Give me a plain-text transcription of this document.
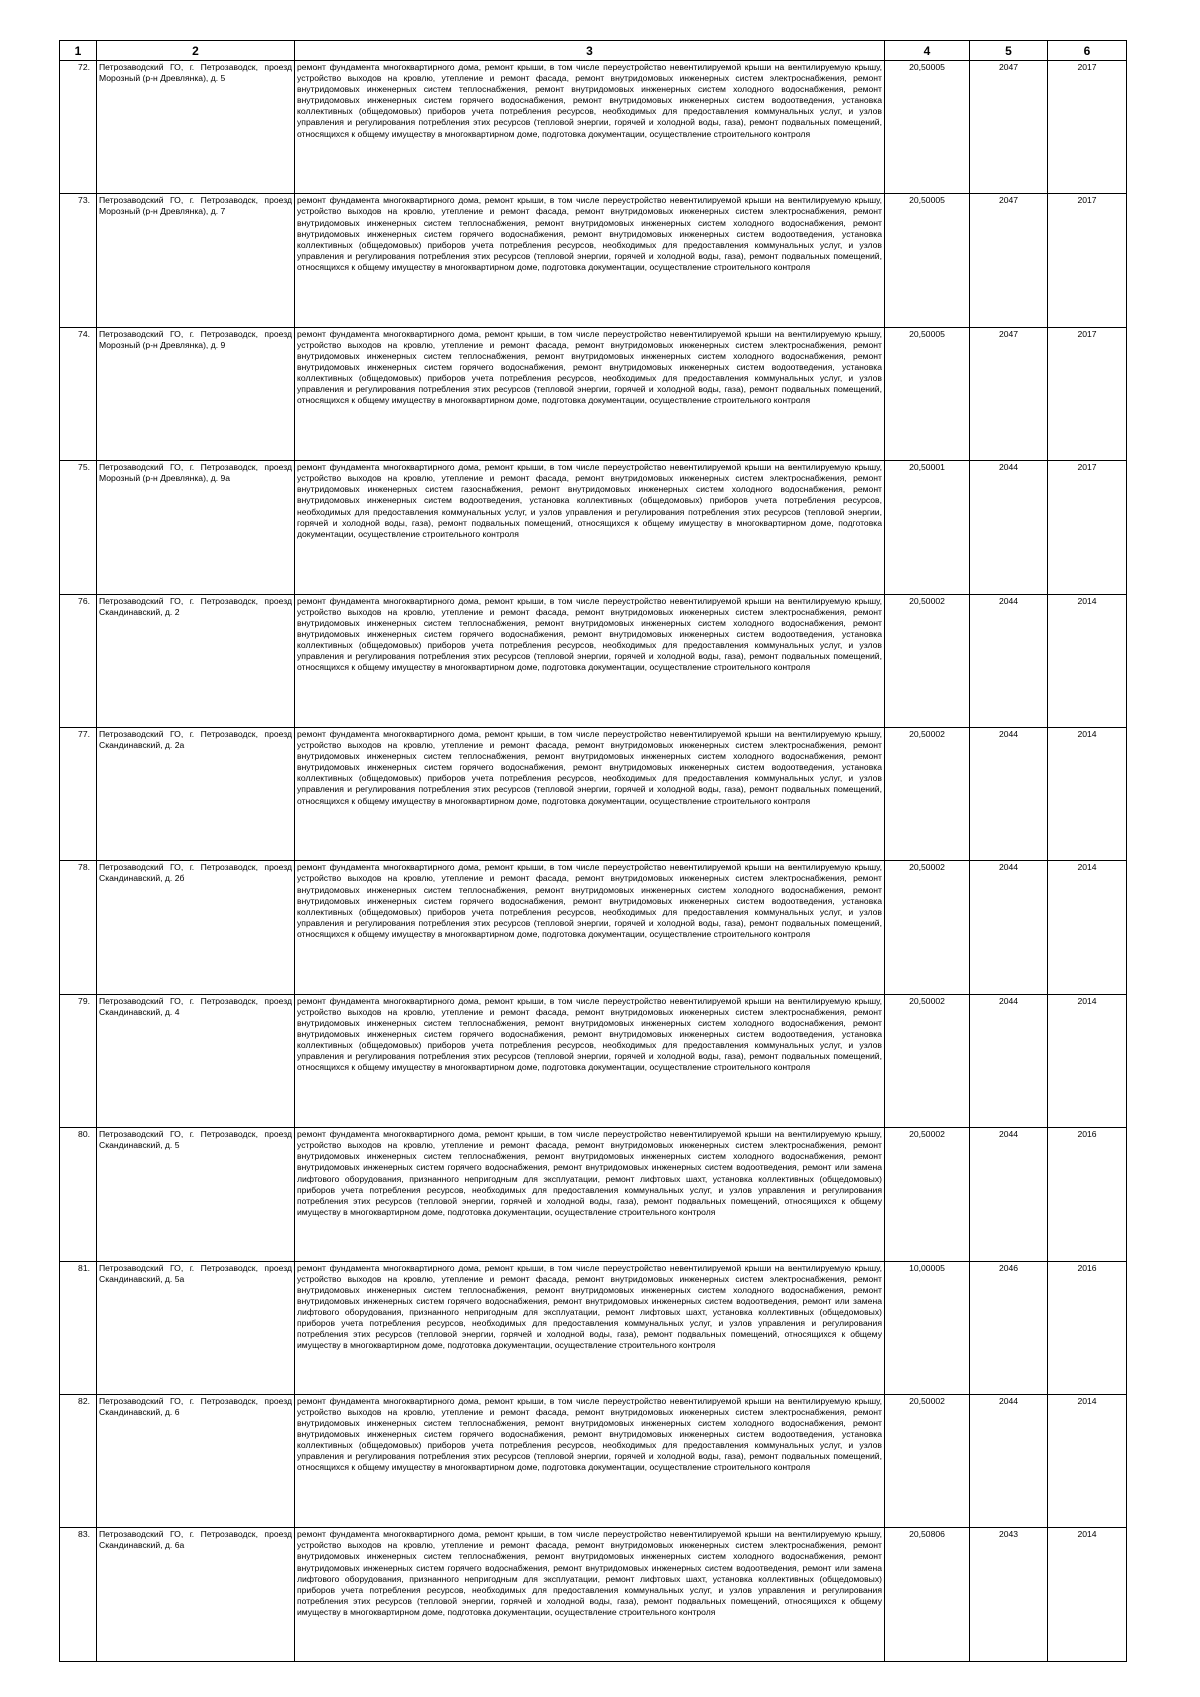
1	2	3	4	5	6
72.	Петрозаводский ГО, г. Петрозаводск, проезд Морозный (р-н Древлянка), д. 5	ремонт фундамента многоквартирного дома, ремонт крыши, в том числе переустройство невентилируемой крыши на вентилируемую крышу, устройство выходов на кровлю, утепление и ремонт фасада, ремонт внутридомовых инженерных систем электроснабжения, ремонт внутридомовых инженерных систем теплоснабжения, ремонт внутридомовых инженерных систем холодного водоснабжения, ремонт внутридомовых инженерных систем горячего водоснабжения, ремонт внутридомовых инженерных систем водоотведения, установка коллективных (общедомовых) приборов учета потребления ресурсов, необходимых для предоставления коммунальных услуг, и узлов управления и регулирования потребления этих ресурсов (тепловой энергии, горячей и холодной воды, газа), ремонт подвальных помещений, относящихся к общему имуществу в многоквартирном доме, подготовка документации, осуществление строительного контроля	20,50005	2047	2017
73.	Петрозаводский ГО, г. Петрозаводск, проезд Морозный (р-н Древлянка), д. 7	ремонт фундамента многоквартирного дома, ремонт крыши, в том числе переустройство невентилируемой крыши на вентилируемую крышу, устройство выходов на кровлю, утепление и ремонт фасада, ремонт внутридомовых инженерных систем электроснабжения, ремонт внутридомовых инженерных систем теплоснабжения, ремонт внутридомовых инженерных систем холодного водоснабжения, ремонт внутридомовых инженерных систем горячего водоснабжения, ремонт внутридомовых инженерных систем водоотведения, установка коллективных (общедомовых) приборов учета потребления ресурсов, необходимых для предоставления коммунальных услуг, и узлов управления и регулирования потребления этих ресурсов (тепловой энергии, горячей и холодной воды, газа), ремонт подвальных помещений, относящихся к общему имуществу в многоквартирном доме, подготовка документации, осуществление строительного контроля	20,50005	2047	2017
74.	Петрозаводский ГО, г. Петрозаводск, проезд Морозный (р-н Древлянка), д. 9	ремонт фундамента многоквартирного дома, ремонт крыши, в том числе переустройство невентилируемой крыши на вентилируемую крышу, устройство выходов на кровлю, утепление и ремонт фасада, ремонт внутридомовых инженерных систем электроснабжения, ремонт внутридомовых инженерных систем теплоснабжения, ремонт внутридомовых инженерных систем холодного водоснабжения, ремонт внутридомовых инженерных систем горячего водоснабжения, ремонт внутридомовых инженерных систем водоотведения, установка коллективных (общедомовых) приборов учета потребления ресурсов, необходимых для предоставления коммунальных услуг, и узлов управления и регулирования потребления этих ресурсов (тепловой энергии, горячей и холодной воды, газа), ремонт подвальных помещений, относящихся к общему имуществу в многоквартирном доме, подготовка документации, осуществление строительного контроля	20,50005	2047	2017
75.	Петрозаводский ГО, г. Петрозаводск, проезд Морозный (р-н Древлянка), д. 9а	ремонт фундамента многоквартирного дома, ремонт крыши, в том числе переустройство невентилируемой крыши на вентилируемую крышу, устройство выходов на кровлю, утепление и ремонт фасада, ремонт внутридомовых инженерных систем электроснабжения, ремонт внутридомовых инженерных систем газоснабжения, ремонт внутридомовых инженерных систем холодного водоснабжения, ремонт внутридомовых инженерных систем водоотведения, установка коллективных (общедомовых) приборов учета потребления ресурсов, необходимых для предоставления коммунальных услуг, и узлов управления и регулирования потребления этих ресурсов (тепловой энергии, горячей и холодной воды, газа), ремонт подвальных помещений, относящихся к общему имуществу в многоквартирном доме, подготовка документации, осуществление строительного контроля	20,50001	2044	2017
76.	Петрозаводский ГО, г. Петрозаводск, проезд Скандинавский, д. 2	ремонт фундамента многоквартирного дома, ремонт крыши, в том числе переустройство невентилируемой крыши на вентилируемую крышу, устройство выходов на кровлю, утепление и ремонт фасада, ремонт внутридомовых инженерных систем электроснабжения, ремонт внутридомовых инженерных систем теплоснабжения, ремонт внутридомовых инженерных систем холодного водоснабжения, ремонт внутридомовых инженерных систем горячего водоснабжения, ремонт внутридомовых инженерных систем водоотведения, установка коллективных (общедомовых) приборов учета потребления ресурсов, необходимых для предоставления коммунальных услуг, и узлов управления и регулирования потребления этих ресурсов (тепловой энергии, горячей и холодной воды, газа), ремонт подвальных помещений, относящихся к общему имуществу в многоквартирном доме, подготовка документации, осуществление строительного контроля	20,50002	2044	2014
77.	Петрозаводский ГО, г. Петрозаводск, проезд Скандинавский, д. 2а	ремонт фундамента многоквартирного дома, ремонт крыши, в том числе переустройство невентилируемой крыши на вентилируемую крышу, устройство выходов на кровлю, утепление и ремонт фасада, ремонт внутридомовых инженерных систем электроснабжения, ремонт внутридомовых инженерных систем теплоснабжения, ремонт внутридомовых инженерных систем холодного водоснабжения, ремонт внутридомовых инженерных систем горячего водоснабжения, ремонт внутридомовых инженерных систем водоотведения, установка коллективных (общедомовых) приборов учета потребления ресурсов, необходимых для предоставления коммунальных услуг, и узлов управления и регулирования потребления этих ресурсов (тепловой энергии, горячей и холодной воды, газа), ремонт подвальных помещений, относящихся к общему имуществу в многоквартирном доме, подготовка документации, осуществление строительного контроля	20,50002	2044	2014
78.	Петрозаводский ГО, г. Петрозаводск, проезд Скандинавский, д. 2б	ремонт фундамента многоквартирного дома, ремонт крыши, в том числе переустройство невентилируемой крыши на вентилируемую крышу, устройство выходов на кровлю, утепление и ремонт фасада, ремонт внутридомовых инженерных систем электроснабжения, ремонт внутридомовых инженерных систем теплоснабжения, ремонт внутридомовых инженерных систем холодного водоснабжения, ремонт внутридомовых инженерных систем горячего водоснабжения, ремонт внутридомовых инженерных систем водоотведения, установка коллективных (общедомовых) приборов учета потребления ресурсов, необходимых для предоставления коммунальных услуг, и узлов управления и регулирования потребления этих ресурсов (тепловой энергии, горячей и холодной воды, газа), ремонт подвальных помещений, относящихся к общему имуществу в многоквартирном доме, подготовка документации, осуществление строительного контроля	20,50002	2044	2014
79.	Петрозаводский ГО, г. Петрозаводск, проезд Скандинавский, д. 4	ремонт фундамента многоквартирного дома, ремонт крыши, в том числе переустройство невентилируемой крыши на вентилируемую крышу, устройство выходов на кровлю, утепление и ремонт фасада, ремонт внутридомовых инженерных систем электроснабжения, ремонт внутридомовых инженерных систем теплоснабжения, ремонт внутридомовых инженерных систем холодного водоснабжения, ремонт внутридомовых инженерных систем горячего водоснабжения, ремонт внутридомовых инженерных систем водоотведения, установка коллективных (общедомовых) приборов учета потребления ресурсов, необходимых для предоставления коммунальных услуг, и узлов управления и регулирования потребления этих ресурсов (тепловой энергии, горячей и холодной воды, газа), ремонт подвальных помещений, относящихся к общему имуществу в многоквартирном доме, подготовка документации, осуществление строительного контроля	20,50002	2044	2014
80.	Петрозаводский ГО, г. Петрозаводск, проезд Скандинавский, д. 5	ремонт фундамента многоквартирного дома, ремонт крыши, в том числе переустройство невентилируемой крыши на вентилируемую крышу, устройство выходов на кровлю, утепление и ремонт фасада, ремонт внутридомовых инженерных систем электроснабжения, ремонт внутридомовых инженерных систем теплоснабжения, ремонт внутридомовых инженерных систем холодного водоснабжения, ремонт внутридомовых инженерных систем горячего водоснабжения, ремонт внутридомовых инженерных систем водоотведения, ремонт или замена лифтового оборудования, признанного непригодным для эксплуатации, ремонт лифтовых шахт, установка коллективных (общедомовых) приборов учета потребления ресурсов, необходимых для предоставления коммунальных услуг, и узлов управления и регулирования потребления этих ресурсов (тепловой энергии, горячей и холодной воды, газа), ремонт подвальных помещений, относящихся к общему имуществу в многоквартирном доме, подготовка документации, осуществление строительного контроля	20,50002	2044	2016
81.	Петрозаводский ГО, г. Петрозаводск, проезд Скандинавский, д. 5а	ремонт фундамента многоквартирного дома, ремонт крыши, в том числе переустройство невентилируемой крыши на вентилируемую крышу, устройство выходов на кровлю, утепление и ремонт фасада, ремонт внутридомовых инженерных систем электроснабжения, ремонт внутридомовых инженерных систем теплоснабжения, ремонт внутридомовых инженерных систем холодного водоснабжения, ремонт внутридомовых инженерных систем горячего водоснабжения, ремонт внутридомовых инженерных систем водоотведения, ремонт или замена лифтового оборудования, признанного непригодным для эксплуатации, ремонт лифтовых шахт, установка коллективных (общедомовых) приборов учета потребления ресурсов, необходимых для предоставления коммунальных услуг, и узлов управления и регулирования потребления этих ресурсов (тепловой энергии, горячей и холодной воды, газа), ремонт подвальных помещений, относящихся к общему имуществу в многоквартирном доме, подготовка документации, осуществление строительного контроля	10,00005	2046	2016
82.	Петрозаводский ГО, г. Петрозаводск, проезд Скандинавский, д. 6	ремонт фундамента многоквартирного дома, ремонт крыши, в том числе переустройство невентилируемой крыши на вентилируемую крышу, устройство выходов на кровлю, утепление и ремонт фасада, ремонт внутридомовых инженерных систем электроснабжения, ремонт внутридомовых инженерных систем теплоснабжения, ремонт внутридомовых инженерных систем холодного водоснабжения, ремонт внутридомовых инженерных систем горячего водоснабжения, ремонт внутридомовых инженерных систем водоотведения, установка коллективных (общедомовых) приборов учета потребления ресурсов, необходимых для предоставления коммунальных услуг, и узлов управления и регулирования потребления этих ресурсов (тепловой энергии, горячей и холодной воды, газа), ремонт подвальных помещений, относящихся к общему имуществу в многоквартирном доме, подготовка документации, осуществление строительного контроля	20,50002	2044	2014
83.	Петрозаводский ГО, г. Петрозаводск, проезд Скандинавский, д. 6а	ремонт фундамента многоквартирного дома, ремонт крыши, в том числе переустройство невентилируемой крыши на вентилируемую крышу, устройство выходов на кровлю, утепление и ремонт фасада, ремонт внутридомовых инженерных систем электроснабжения, ремонт внутридомовых инженерных систем теплоснабжения, ремонт внутридомовых инженерных систем холодного водоснабжения, ремонт внутридомовых инженерных систем горячего водоснабжения, ремонт внутридомовых инженерных систем водоотведения, ремонт или замена лифтового оборудования, признанного непригодным для эксплуатации, ремонт лифтовых шахт, установка коллективных (общедомовых) приборов учета потребления ресурсов, необходимых для предоставления коммунальных услуг, и узлов управления и регулирования потребления этих ресурсов (тепловой энергии, горячей и холодной воды, газа), ремонт подвальных помещений, относящихся к общему имуществу в многоквартирном доме, подготовка документации, осуществление строительного контроля	20,50806	2043	2014
